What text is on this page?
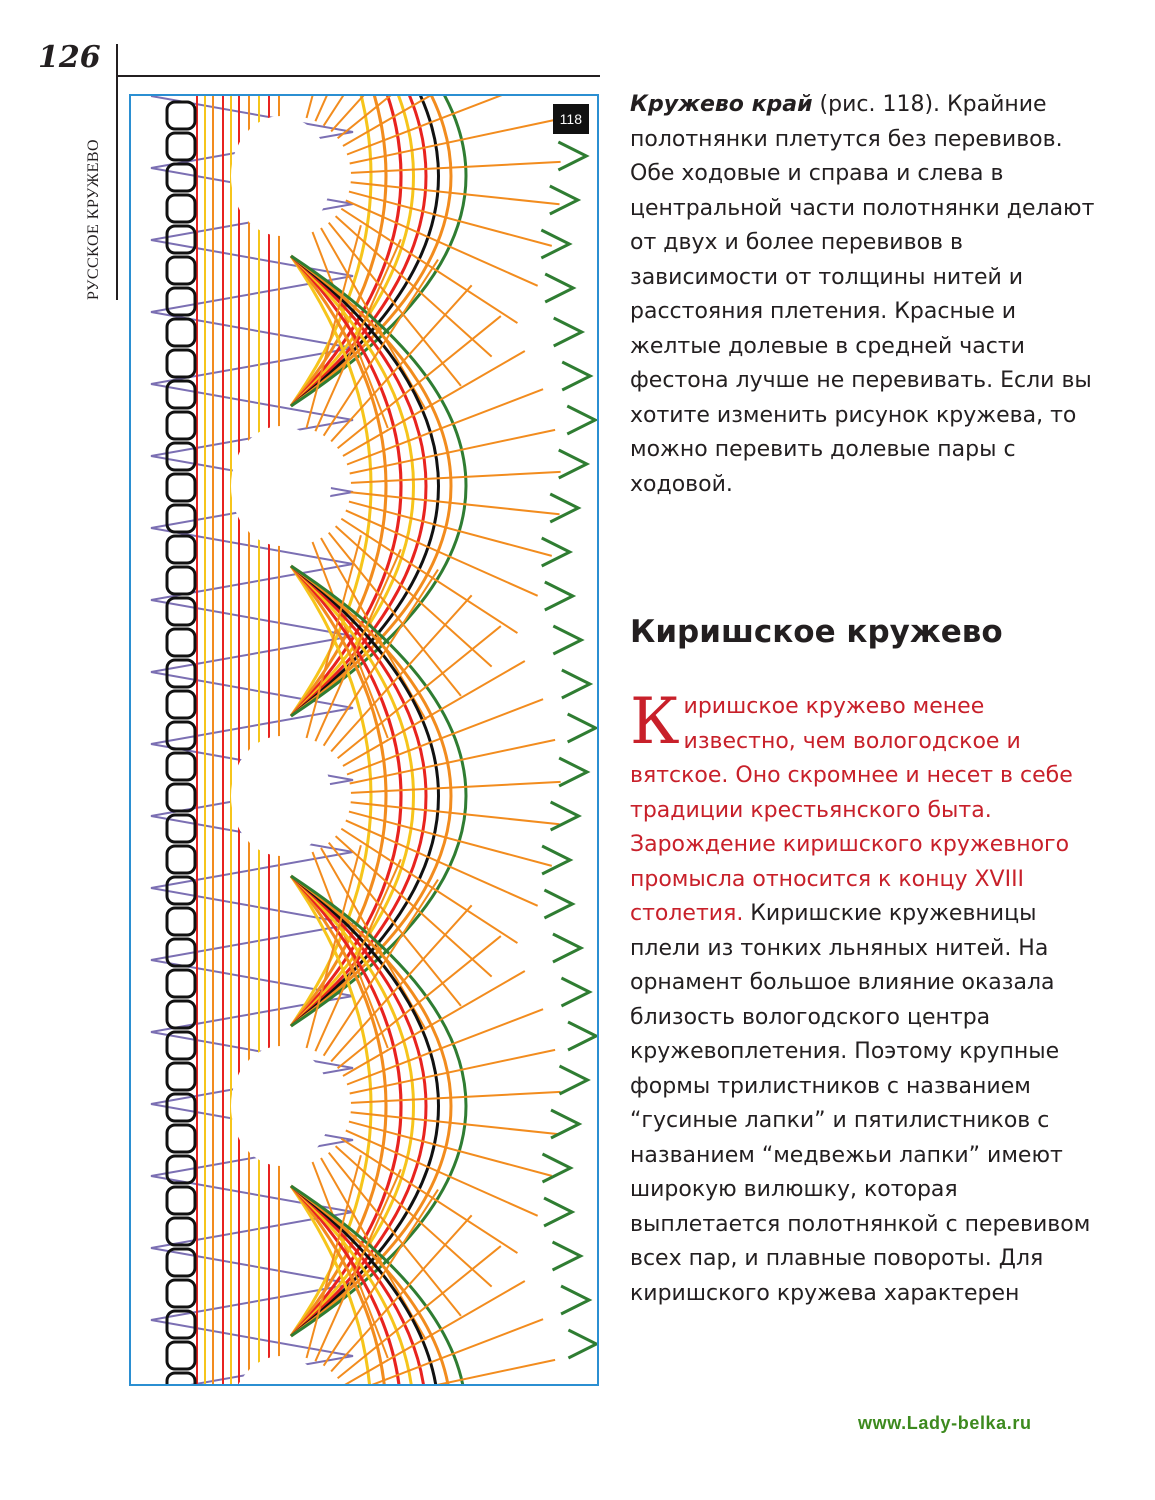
126
РУССКОЕ КРУЖЕВО
118

Кружево край (рис. 118). Крайние полотнянки плетутся без перевивов. Обе ходовые и справа и слева в центральной части полотнянки делают от двух и более перевивов в зависимости от толщины нитей и расстояния плетения. Красные и желтые долевые в средней части фестона лучше не перевивать. Если вы хотите изменить рисунок кружева, то можно перевить долевые пары с ходовой.

Киришское кружево

Киришское кружево менее известно, чем вологодское и вятское. Оно скромнее и несет в себе традиции крестьянского быта. Зарождение киришского кружевного промысла относится к концу XVIII столетия. Киришские кружевницы плели из тонких льняных нитей. На орнамент большое влияние оказала близость вологодского центра кружевоплетения. Поэтому крупные формы трилистников с названием “гусиные лапки” и пятилистников с названием “медвежьи лапки” имеют широкую вилюшку, которая выплетается полотнянкой с перевивом всех пар, и плавные повороты. Для киришского кружева характерен

www.Lady-belka.ru
